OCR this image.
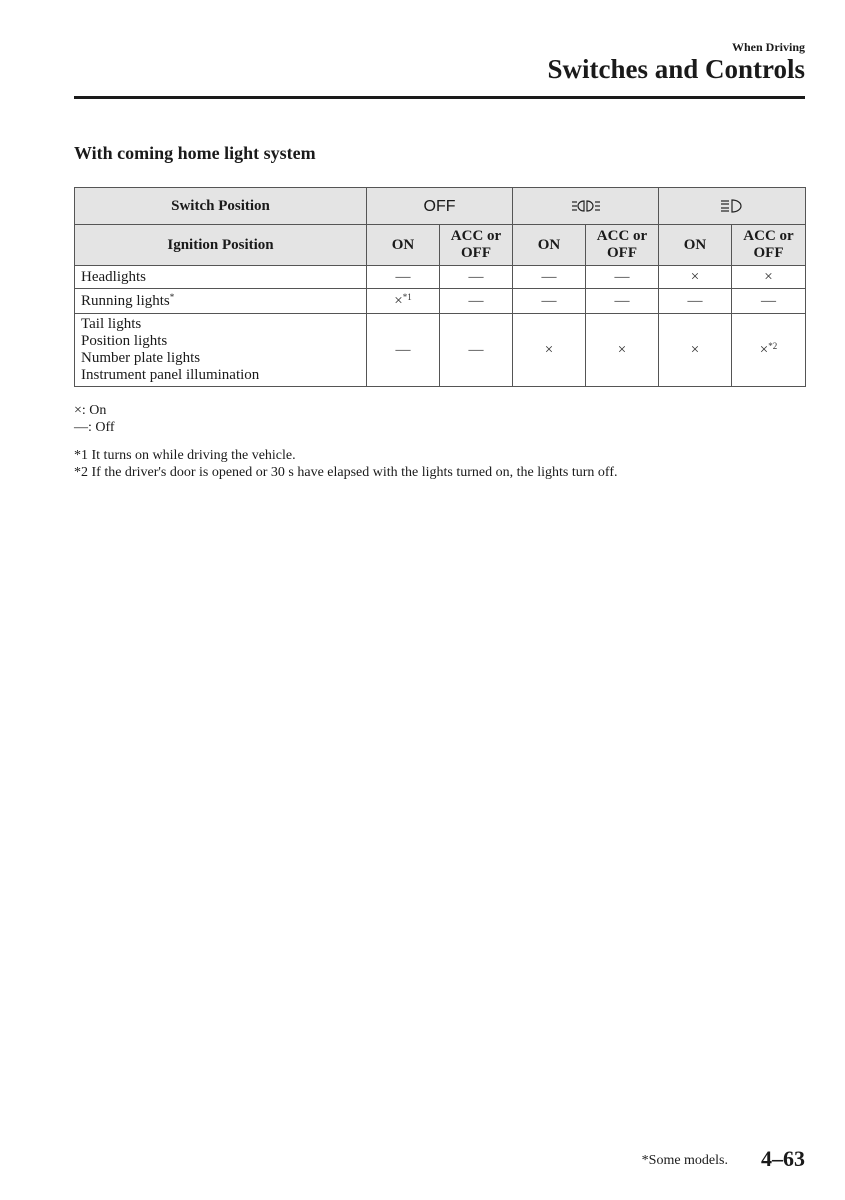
When Driving
Switches and Controls
With coming home light system
Switch Position	OFF		
Ignition Position	ON	ACC or OFF	ON	ACC or OFF	ON	ACC or OFF
Headlights	—	—	—	—	×	×
Running lights*	×$^{*1}$	—	—	—	—	—

Tail lights
Position lights
Number plate lights
Instrument panel illumination	—	—	×	×	×	×$^{*2}$
×: On
—: Off
*1 It turns on while driving the vehicle.
*2 If the driver's door is opened or 30 s have elapsed with the lights turned on, the lights turn off.
*Some models. 4–63
